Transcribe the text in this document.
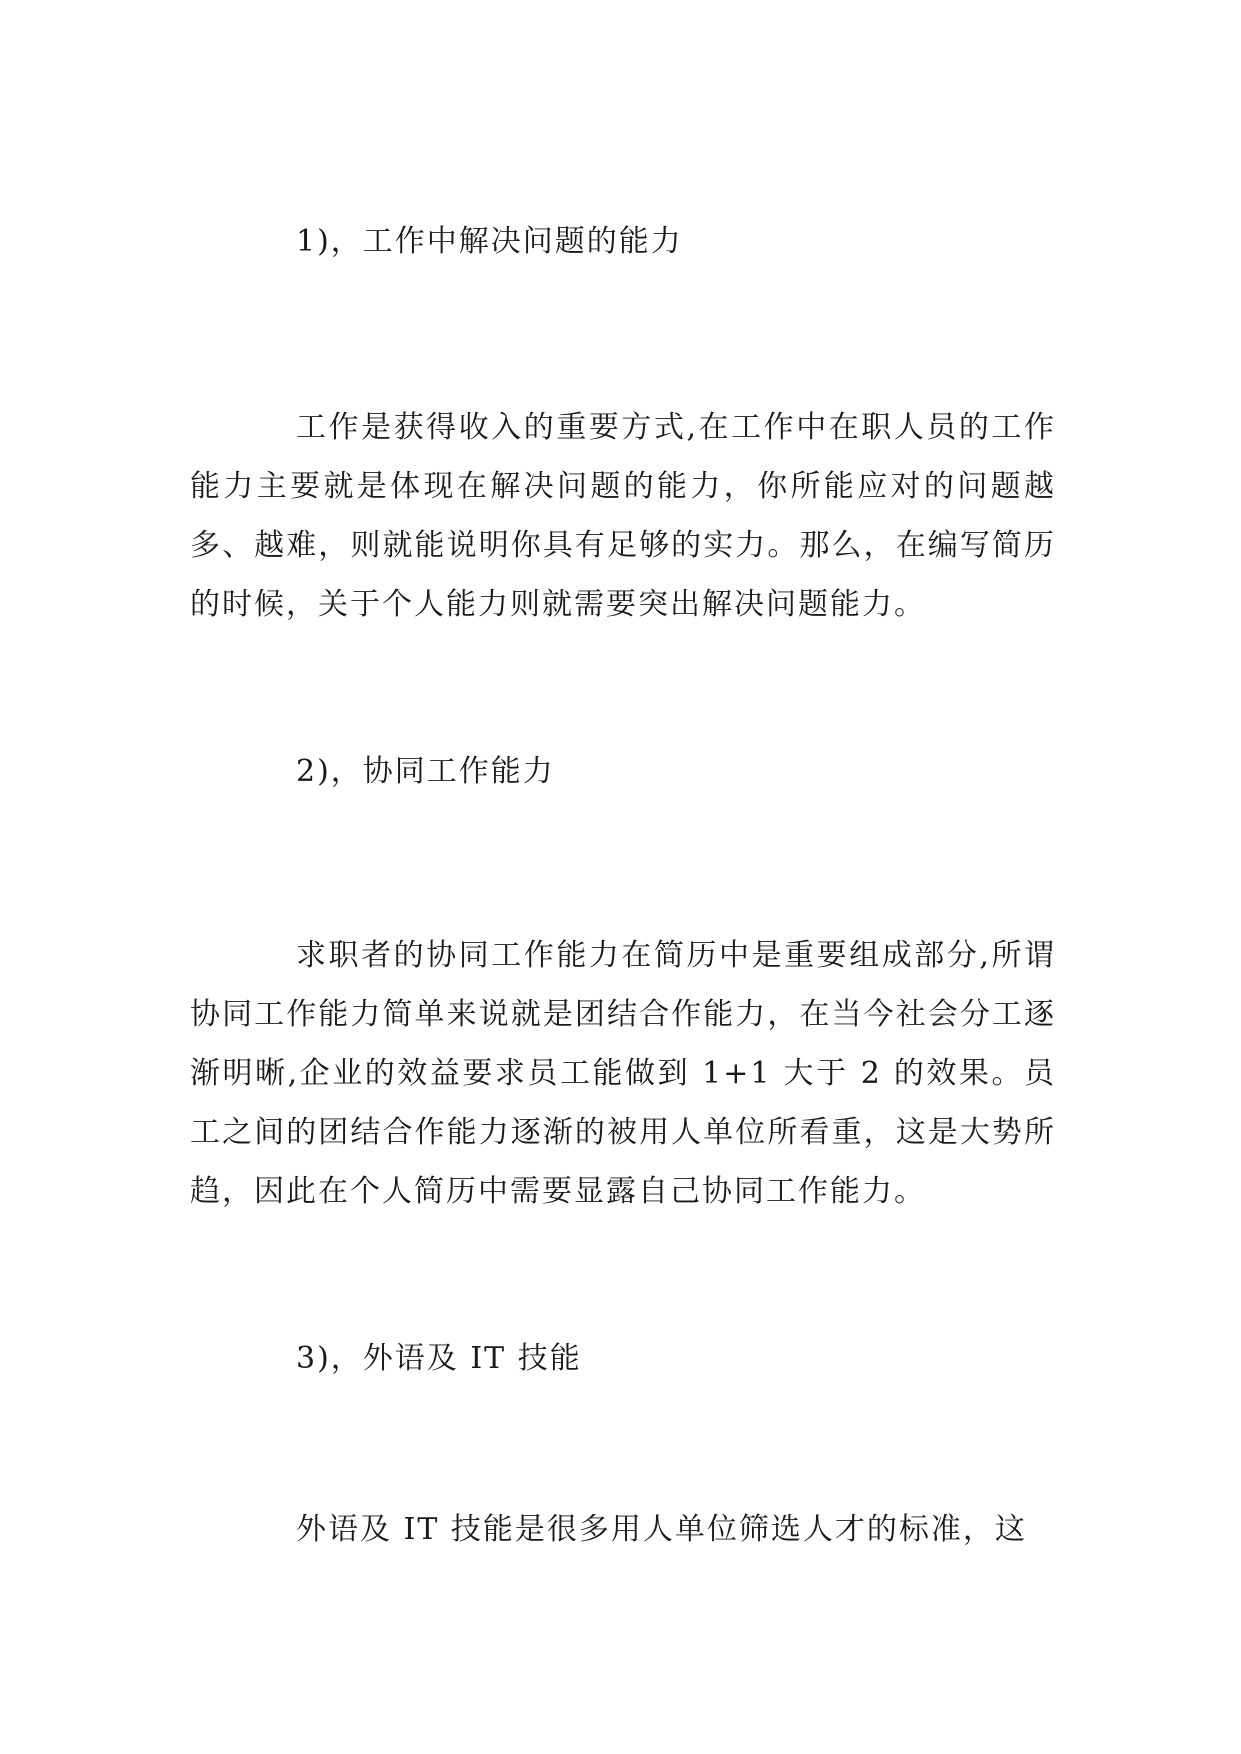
1)，工作中解决问题的能力

工作是获得收入的重要方式,在工作中在职人员的工作能力主要就是体现在解决问题的能力，你所能应对的问题越多、越难，则就能说明你具有足够的实力。那么，在编写简历的时候，关于个人能力则就需要突出解决问题能力。

2)，协同工作能力

求职者的协同工作能力在简历中是重要组成部分,所谓协同工作能力简单来说就是团结合作能力，在当今社会分工逐渐明晰,企业的效益要求员工能做到 1+1 大于 2 的效果。员工之间的团结合作能力逐渐的被用人单位所看重，这是大势所趋，因此在个人简历中需要显露自己协同工作能力。

3)，外语及 IT 技能

外语及 IT 技能是很多用人单位筛选人才的标准，这
